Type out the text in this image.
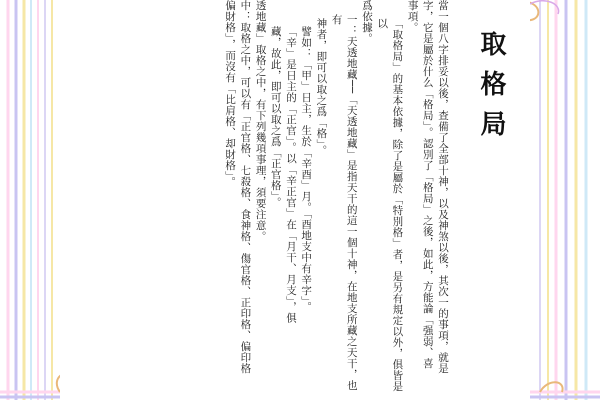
取格局

當一個八字排妥以後，查備了全部十神，以及神煞以後，其次一的事項，就是

字，它是屬於什么「格局」。認別了「格局」之後，如此，方能論「强弱、喜

事項。

「取格局」的基本依據，除了是屬於「特別格」者，是另有規定以外，俱皆是以

爲依據。

一：天透地藏──「天透地藏」是指天干的這一個十神，在地支所藏之天干，也有

神者，即可以取之爲「格」。

譬如：「甲」日主，生於「辛酉」月。「酉地支中有辛字」。

「辛」是日主的「正官」。以「辛正官」在「月干、月支」，俱

藏，故此，即可以取之爲「正官格」。

透地藏」取格之中，有下列幾項事理，須要注意。

中：取格之中，可以有「正官格、七殺格、食神格、傷官格、正印格、偏印格

偏財格」，而沒有「比肩格、却財格」。
